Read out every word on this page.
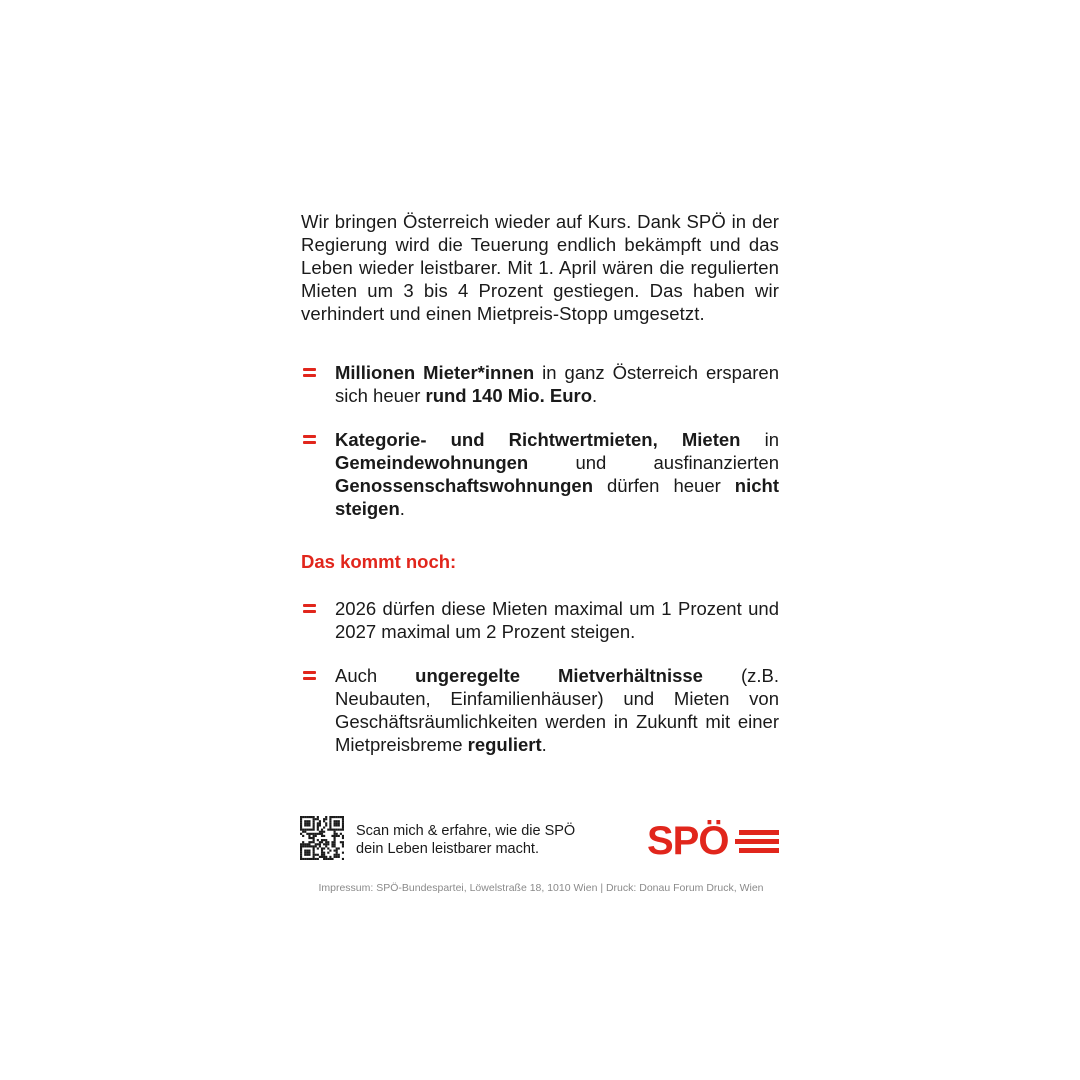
Wir bringen Österreich wieder auf Kurs. Dank SPÖ in der Regierung wird die Teuerung endlich bekämpft und das Leben wieder leistbarer. Mit 1. April wären die regulierten Mieten um 3 bis 4 Prozent gestiegen. Das haben wir verhindert und einen Mietpreis-Stopp umgesetzt.

Millionen Mieter*innen in ganz Österreich ersparen sich heuer rund 140 Mio. Euro.
Kategorie- und Richtwertmieten, Mieten in Gemeindewohnungen und ausfinanzierten Genossenschaftswohnungen dürfen heuer nicht steigen.
Das kommt noch:
2026 dürfen diese Mieten maximal um 1 Prozent und 2027 maximal um 2 Prozent steigen.
Auch ungeregelte Mietverhältnisse (z.B. Neubauten, Einfamilienhäuser) und Mieten von Geschäftsräumlichkeiten werden in Zukunft mit einer Mietpreisbreme reguliert.
Scan mich & erfahre, wie die SPÖ
dein Leben leistbarer macht.	SPÖ
Impressum: SPÖ-Bundespartei, Löwelstraße 18, 1010 Wien | Druck: Donau Forum Druck, Wien
